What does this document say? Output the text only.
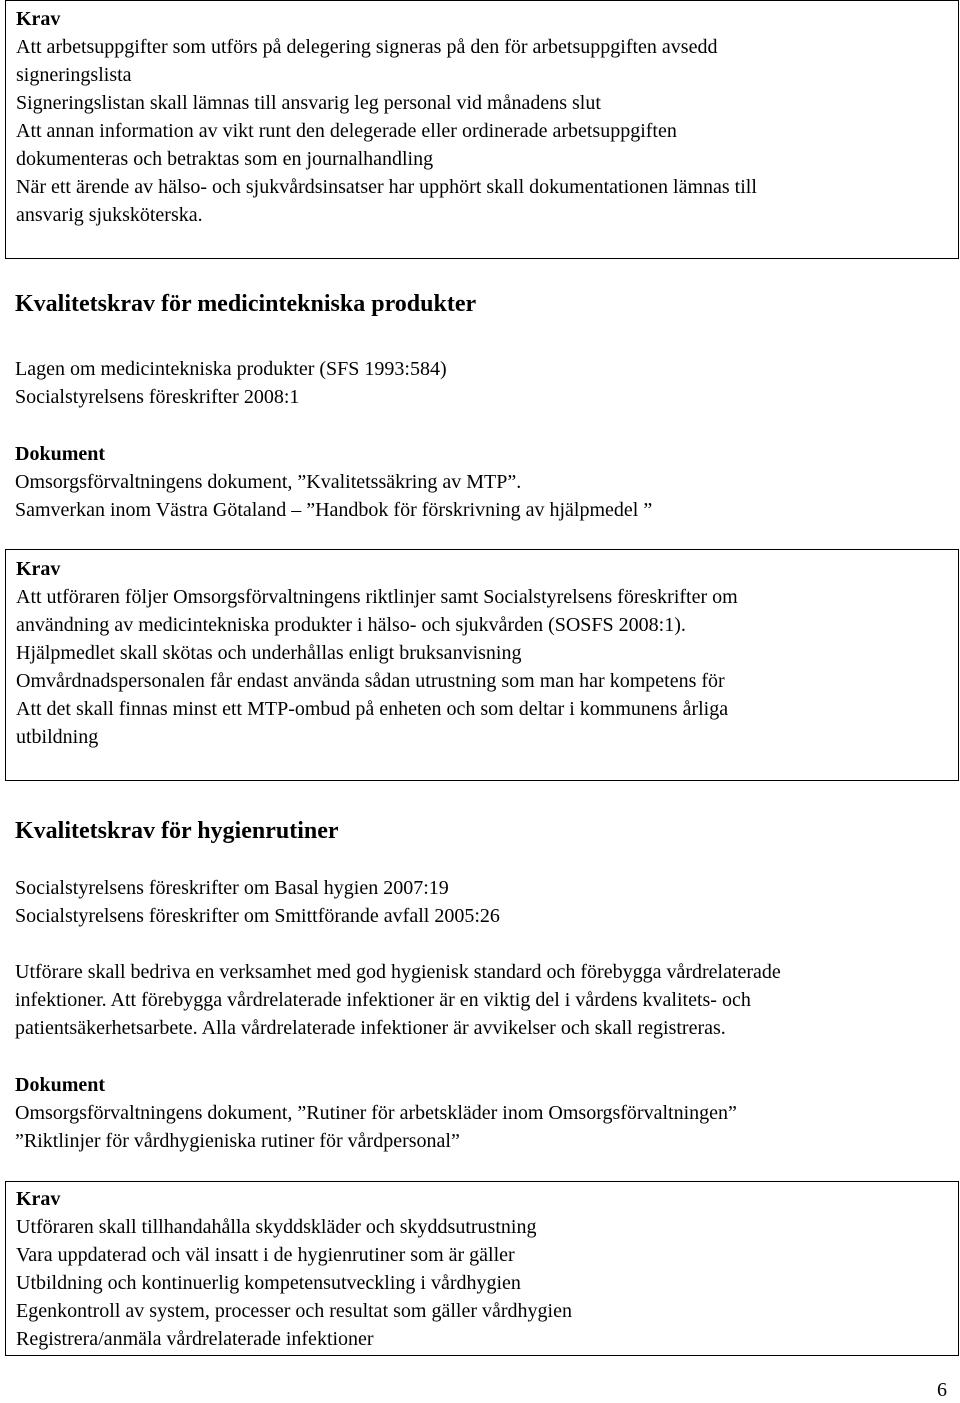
Krav
Att arbetsuppgifter som utförs på delegering signeras på den för arbetsuppgiften avsedd
signeringslista
Signeringslistan skall lämnas till ansvarig leg personal vid månadens slut
Att annan information av vikt runt den delegerade eller ordinerade arbetsuppgiften
dokumenteras och betraktas som en journalhandling
När ett ärende av hälso- och sjukvårdsinsatser har upphört skall dokumentationen lämnas till
ansvarig sjuksköterska.
Kvalitetskrav för medicintekniska produkter
Lagen om medicintekniska produkter (SFS 1993:584)
Socialstyrelsens föreskrifter 2008:1
Dokument
Omsorgsförvaltningens dokument, ”Kvalitetssäkring av MTP”.
Samverkan inom Västra Götaland – ”Handbok för förskrivning av hjälpmedel ”
Krav
Att utföraren följer Omsorgsförvaltningens riktlinjer samt Socialstyrelsens föreskrifter om
användning av medicintekniska produkter i hälso- och sjukvården (SOSFS 2008:1).
Hjälpmedlet skall skötas och underhållas enligt bruksanvisning
Omvårdnadspersonalen får endast använda sådan utrustning som man har kompetens för
Att det skall finnas minst ett MTP-ombud på enheten och som deltar i kommunens årliga
utbildning
Kvalitetskrav för hygienrutiner
Socialstyrelsens föreskrifter om Basal hygien 2007:19
Socialstyrelsens föreskrifter om Smittförande avfall 2005:26
Utförare skall bedriva en verksamhet med god hygienisk standard och förebygga vårdrelaterade
infektioner. Att förebygga vårdrelaterade infektioner är en viktig del i vårdens kvalitets- och
patientsäkerhetsarbete. Alla vårdrelaterade infektioner är avvikelser och skall registreras.
Dokument
Omsorgsförvaltningens dokument, ”Rutiner för arbetskläder inom Omsorgsförvaltningen”
”Riktlinjer för vårdhygieniska rutiner för vårdpersonal”
Krav
Utföraren skall tillhandahålla skyddskläder och skyddsutrustning
Vara uppdaterad och väl insatt i de hygienrutiner som är gäller
Utbildning och kontinuerlig kompetensutveckling i vårdhygien
Egenkontroll av system, processer och resultat som gäller vårdhygien
Registrera/anmäla vårdrelaterade infektioner
6
